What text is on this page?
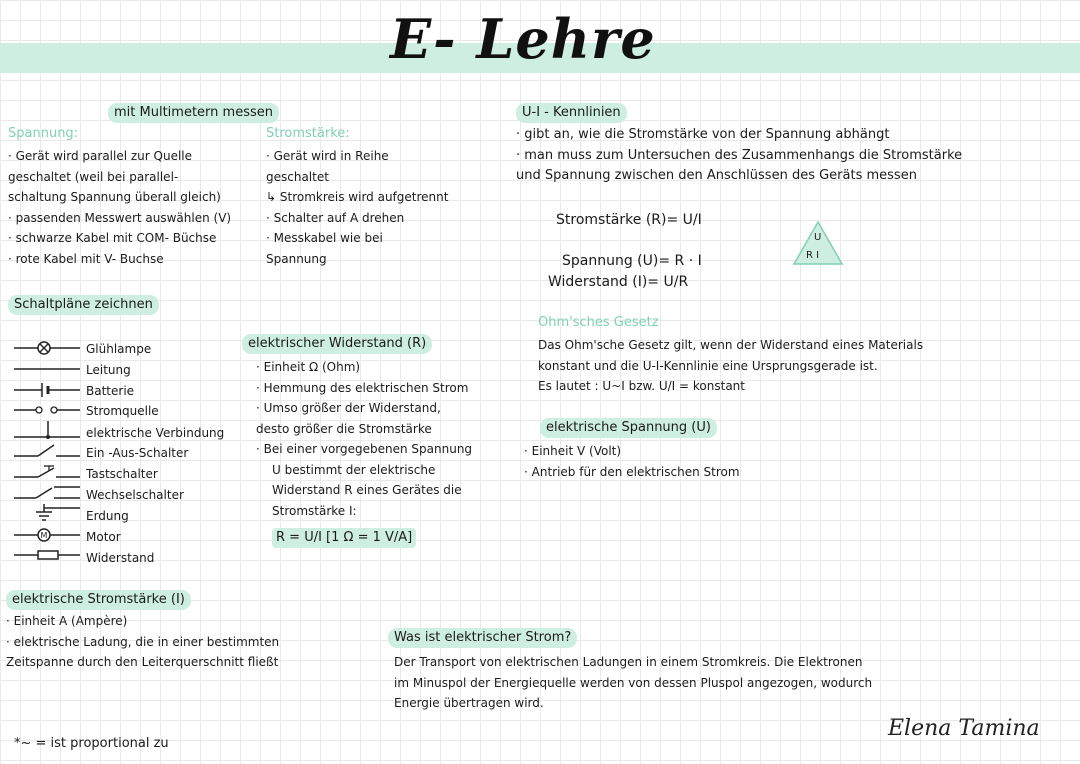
E- Lehre
mit Multimetern messen
Spannung:
· Gerät wird parallel zur Quelle
geschaltet (weil bei parallel-
schaltung Spannung überall gleich)
· passenden Messwert auswählen (V)
· schwarze Kabel mit COM- Büchse
· rote Kabel mit V- Buchse
Stromstärke:
· Gerät wird in Reihe
geschaltet
↳ Stromkreis wird aufgetrennt
· Schalter auf A drehen
· Messkabel wie bei
Spannung
U-I - Kennlinien
· gibt an, wie die Stromstärke von der Spannung abhängt
· man muss zum Untersuchen des Zusammenhangs die Stromstärke
und Spannung zwischen den Anschlüssen des Geräts messen
Stromstärke (R)= U/I
Spannung (U)= R · I
Widerstand (I)= U/R
U
R I
Ohm'sches Gesetz
Das Ohm'sche Gesetz gilt, wenn der Widerstand eines Materials
konstant und die U-I-Kennlinie eine Ursprungsgerade ist.
Es lautet : U~I bzw. U/I = konstant
Schaltpläne zeichnen
M
Glühlampe
Leitung
Batterie
Stromquelle
elektrische Verbindung
Ein -Aus-Schalter
Tastschalter
Wechselschalter
Erdung
Motor
Widerstand
elektrischer Widerstand (R)
· Einheit Ω (Ohm)
· Hemmung des elektrischen Strom
· Umso größer der Widerstand,
desto größer die Stromstärke
· Bei einer vorgegebenen Spannung
U bestimmt der elektrische
Widerstand R eines Gerätes die
Stromstärke I:
R = U/I [1 Ω = 1 V/A]
elektrische Spannung (U)
· Einheit V (Volt)
· Antrieb für den elektrischen Strom
elektrische Stromstärke (I)
· Einheit A (Ampère)
· elektrische Ladung, die in einer bestimmten
Zeitspanne durch den Leiterquerschnitt fließt
Was ist elektrischer Strom?
Der Transport von elektrischen Ladungen in einem Stromkreis. Die Elektronen
im Minuspol der Energiequelle werden von dessen Pluspol angezogen, wodurch
Energie übertragen wird.
*~ = ist proportional zu
Elena Tamina
